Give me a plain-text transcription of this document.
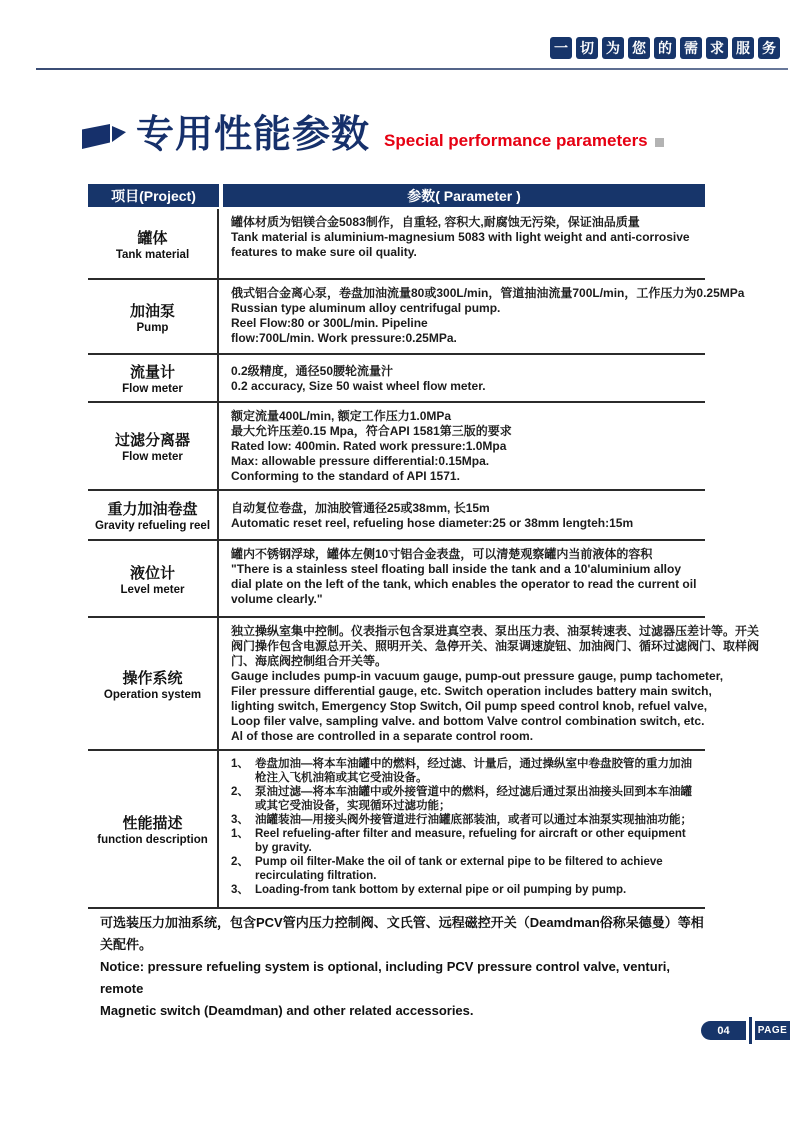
一 切 为 您 的 需 求 服 务
专用性能参数 Special performance parameters
项目(Project)	参数( Parameter )
罐体
Tank material
罐体材质为铝镁合金5083制作，自重轻, 容积大,耐腐蚀无污染，保证油品质量
Tank material is aluminium-magnesium 5083 with light weight and anti-corrosive
features to make sure oil quality.
加油泵
Pump
俄式铝合金离心泵，卷盘加油流量80或300L/min，管道抽油流量700L/min，工作压力为0.25MPa
Russian type aluminum alloy centrifugal pump.
Reel Flow:80 or 300L/min. Pipeline
flow:700L/min. Work pressure:0.25MPa.
流量计
Flow meter
0.2级精度，通径50腰轮流量汁
0.2 accuracy, Size 50 waist wheel flow meter.
过滤分离器
Flow meter
额定流量400L/min, 额定工作压力1.0MPa
最大允许压差0.15 Mpa，符合API 1581第三版的要求
Rated low: 400min. Rated work pressure:1.0Mpa
Max: allowable pressure differential:0.15Mpa.
Conforming to the standard of API 1571.
重力加油卷盘
Gravity refueling reel
自动复位卷盘，加油胶管通径25或38mm, 长15m
Automatic reset reel, refueling hose diameter:25 or 38mm lengteh:15m
液位计
Level meter
罐内不锈钢浮球，罐体左侧10寸铝合金表盘，可以清楚观察罐内当前液体的容积
"There is a stainless steel floating ball inside the tank and a 10'aluminium alloy
dial plate on the left of the tank, which enables the operator to read the current oil
volume clearly."
操作系统
Operation system
独立操纵室集中控制。仪表指示包含泵进真空表、泵出压力表、油泵转速表、过滤器压差计等。开关
阀门操作包含电源总开关、照明开关、急停开关、油泵调速旋钮、加油阀门、循环过滤阀门、取样阀
门、海底阀控制组合开关等。
Gauge includes pump-in vacuum gauge, pump-out pressure gauge, pump tachometer,
Filer pressure differential gauge, etc. Switch operation includes battery main switch,
lighting switch, Emergency Stop Switch, Oil pump speed control knob, refuel valve,
Loop filer valve, sampling valve. and bottom Valve control combination switch, etc.
Al of those are controlled in a separate control room.
性能描述
function description
1、 卷盘加油—将本车油罐中的燃料，经过滤、计量后，通过操纵室中卷盘胶管的重力加油枪注入飞机油箱或其它受油设备。
2、 泵油过滤—将本车油罐中或外接管道中的燃料，经过滤后通过泵出油接头回到本车油罐或其它受油设备，实现循环过滤功能；
3、 油罐装油—用接头阀外接管道进行油罐底部装油，或者可以通过本油泵实现抽油功能；
1、 Reel refueling-after filter and measure, refueling for aircraft or other equipment by gravity.
2、 Pump oil filter-Make the oil of tank or external pipe to be filtered to achieve recirculating filtration.
3、 Loading-from tank bottom by external pipe or oil pumping by pump.
可选装压力加油系统，包含PCV管内压力控制阀、文氏管、远程磁控开关（Deamdman俗称呆德曼）等相关配件。
Notice: pressure refueling system is optional, including PCV pressure control valve, venturi, remote
Magnetic switch (Deamdman) and other related accessories.
04	PAGE
